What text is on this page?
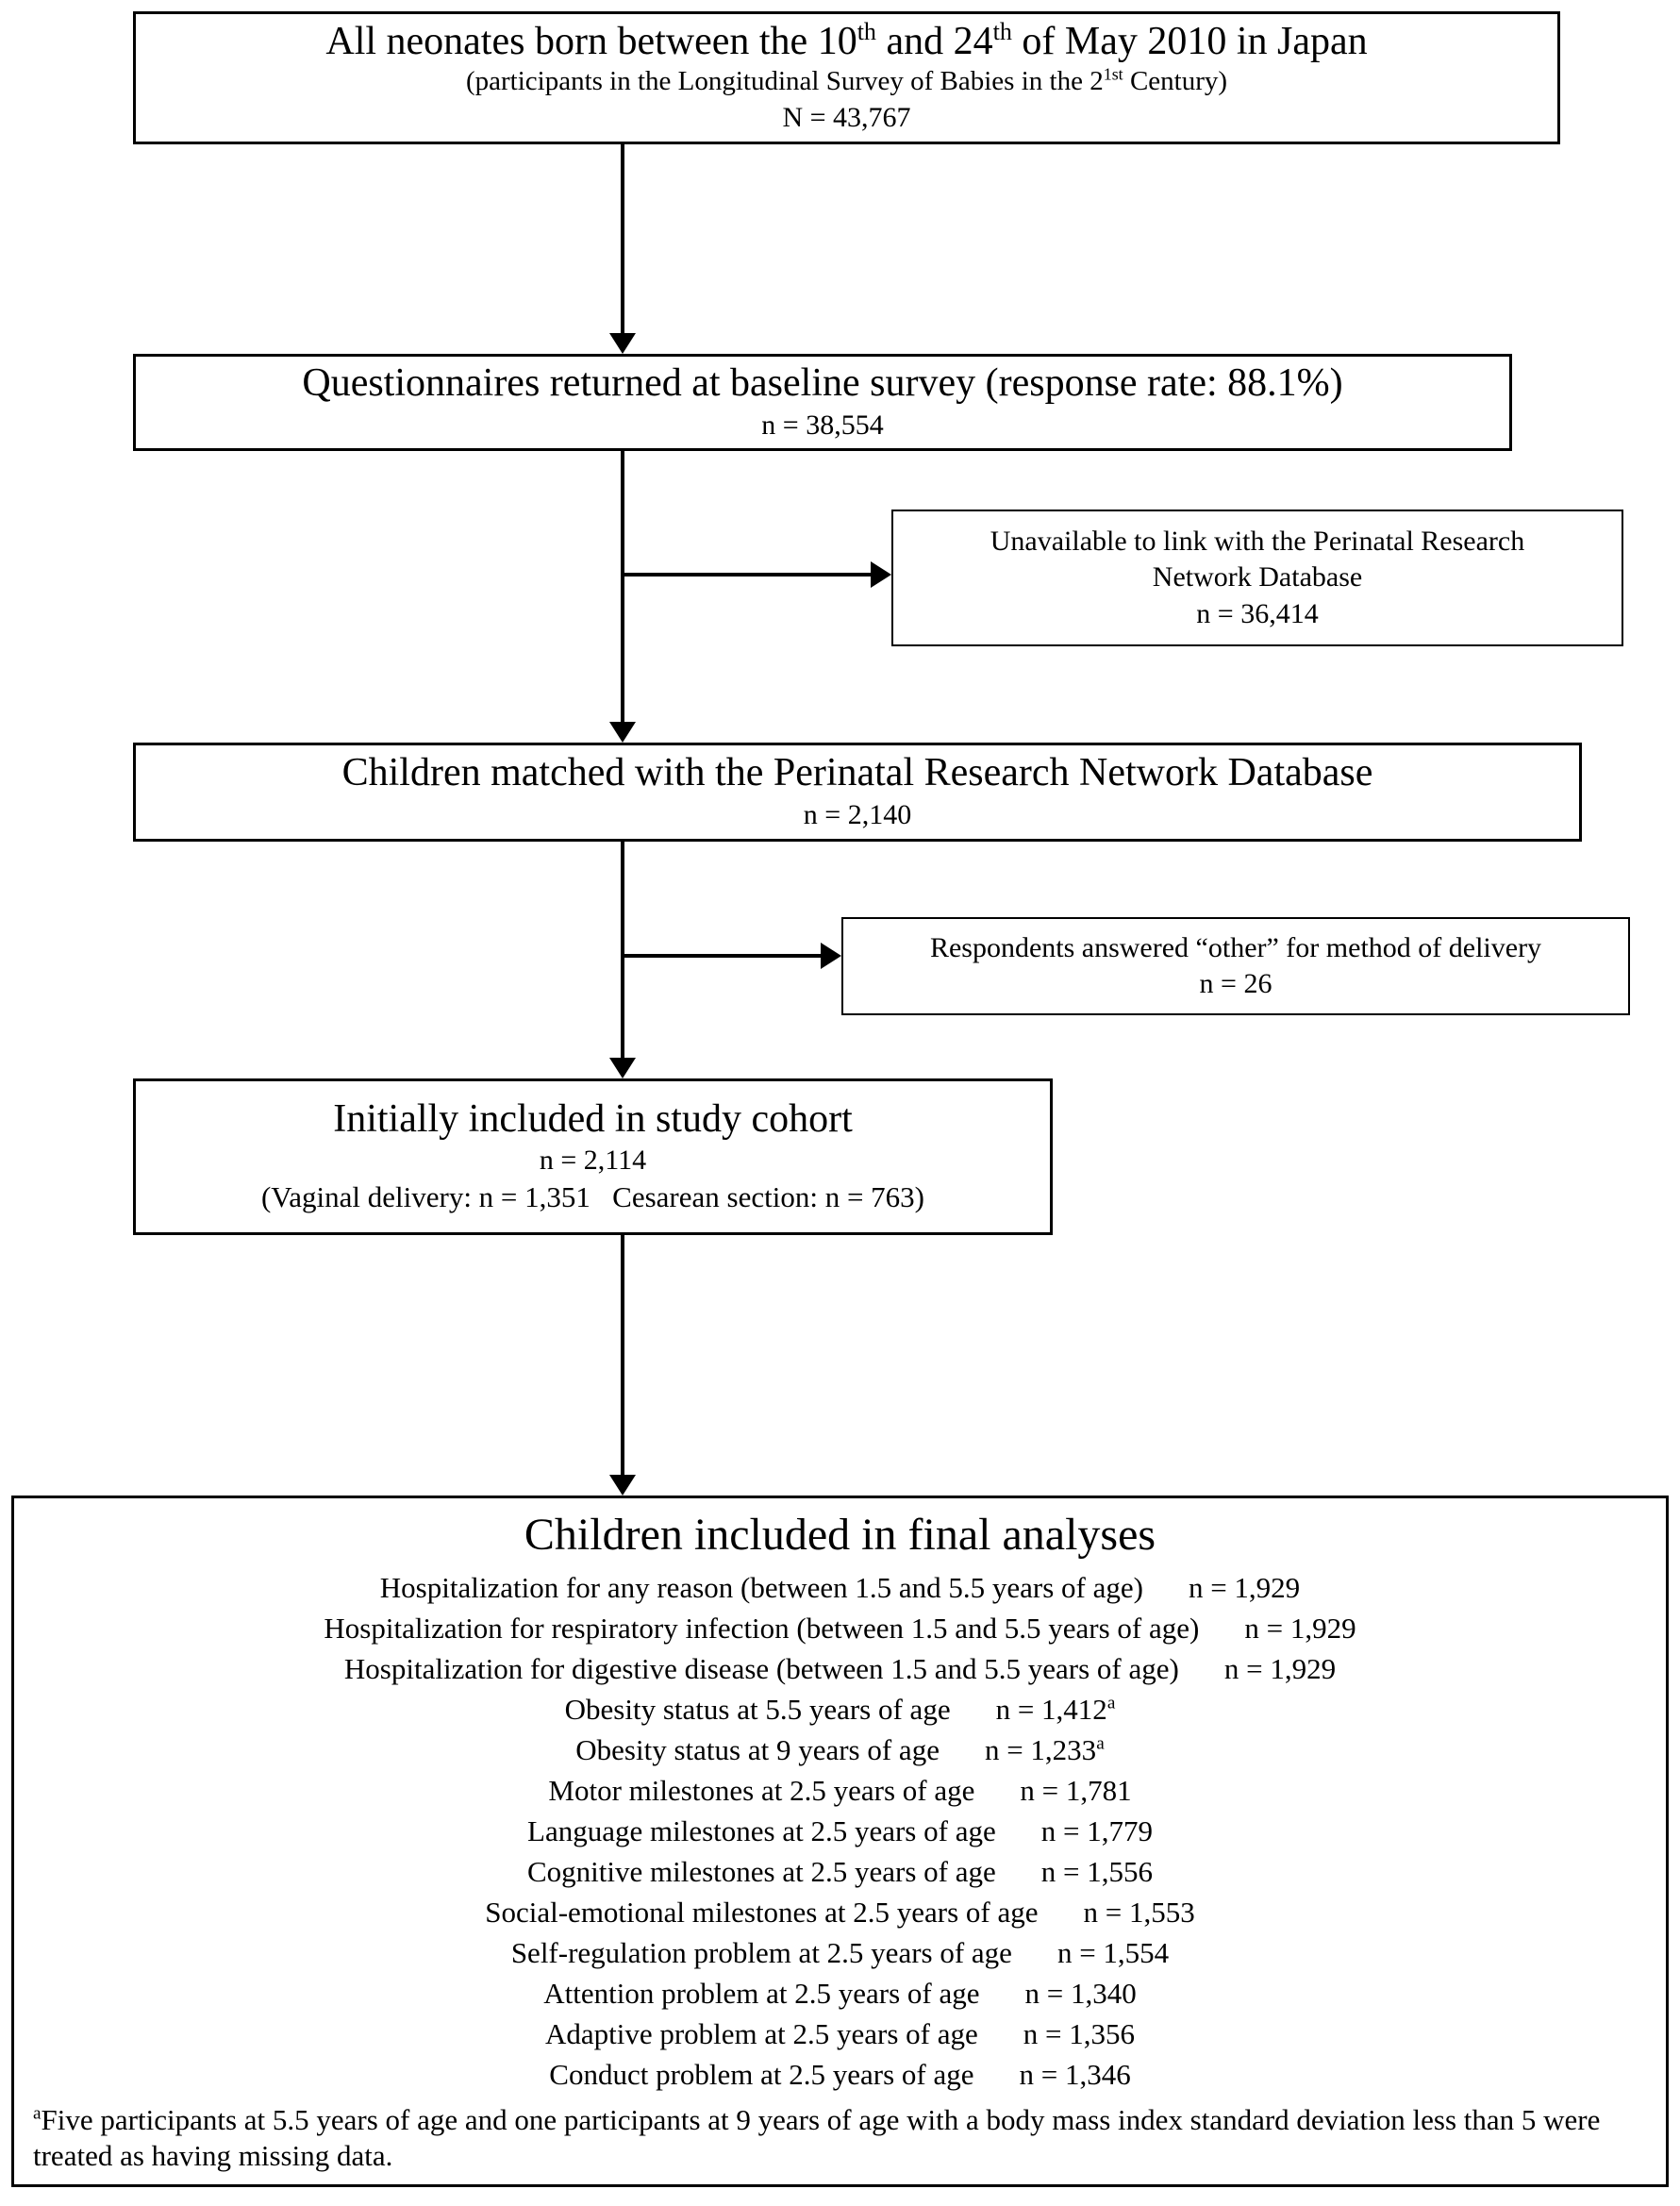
All neonates born between the 10th and 24th of May 2010 in Japan
(participants in the Longitudinal Survey of Babies in the $2^{1st}$ Century)
N = 43,767
Questionnaires returned at baseline survey (response rate: 88.1%)
n = 38,554
Unavailable to link with the Perinatal Research
Network Database
n = 36,414
Children matched with the Perinatal Research Network Database
n = 2,140
Respondents answered “other” for method of delivery
n = 26
Initially included in study cohort
n = 2,114
(Vaginal delivery: n = 1,351   Cesarean section: n = 763)
Children included in final analyses
Hospitalization for any reason (between 1.5 and 5.5 years of age) n = 1,929
Hospitalization for respiratory infection (between 1.5 and 5.5 years of age) n = 1,929
Hospitalization for digestive disease (between 1.5 and 5.5 years of age) n = 1,929
Obesity status at 5.5 years of age n = 1,412$^a$
Obesity status at 9 years of age n = 1,233$^a$
Motor milestones at 2.5 years of age n = 1,781
Language milestones at 2.5 years of age n = 1,779
Cognitive milestones at 2.5 years of age n = 1,556
Social-emotional milestones at 2.5 years of age n = 1,553
Self-regulation problem at 2.5 years of age n = 1,554
Attention problem at 2.5 years of age n = 1,340
Adaptive problem at 2.5 years of age n = 1,356
Conduct problem at 2.5 years of age n = 1,346
$^a$Five participants at 5.5 years of age and one participants at 9 years of age with a body mass index standard deviation less than 5 were treated as having missing data.
